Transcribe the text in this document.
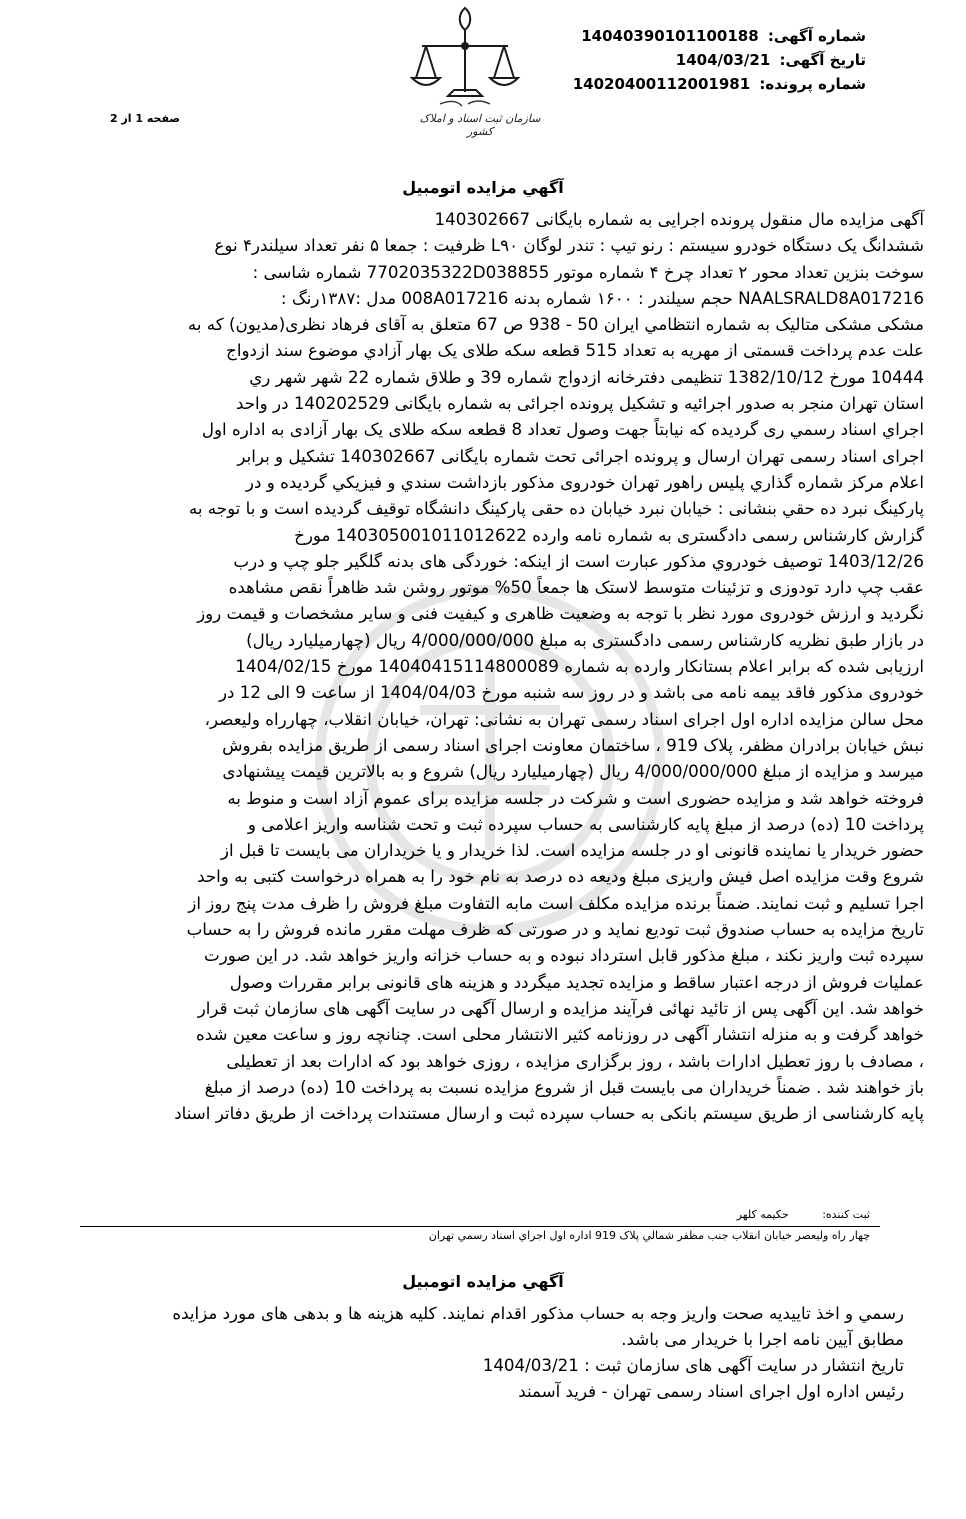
شماره آگهی: 14040390101100188
تاریخ آگهی: 1404/03/21
شماره پرونده: 14020400112001981
سازمان ثبت اسناد و املاک کشور
صفحه 1 از 2
آگهي مزايده اتومبيل
آگهی مزایده مال منقول پرونده اجرایی به شماره بایگانی 140302667
ششدانگ یک دستگاه خودرو سیستم : رنو تیپ : تندر لوگان L۹۰ ظرفیت : جمعا ۵ نفر تعداد سیلندر۴ نوع
سوخت بنزین تعداد محور ۲ تعداد چرخ ۴ شماره موتور 7702035322D038855 شماره شاسی :
NAALSRALD8A017216 حجم سیلندر : ۱۶۰۰ شماره بدنه 008A017216 مدل :۱۳۸۷رنگ :
مشکی مشکی متالیک به شماره انتظامي ایران 50 - 938 ص 67 متعلق به آقای فرهاد نظری(مدیون) که به
علت عدم پرداخت قسمتی از مهریه به تعداد 515 قطعه سکه طلای یک بهار آزادي موضوع سند ازدواج
10444 مورخ 1382/10/12 تنظیمی دفترخانه ازدواج شماره 39 و طلاق شماره 22 شهر شهر ري
استان تهران منجر به صدور اجرائیه و تشکیل پرونده اجرائی به شماره بایگانی 140202529 در واحد
اجراي اسناد رسمي ری گردیده که نیابتاً جهت وصول تعداد 8 قطعه سکه طلای یک بهار آزادی به اداره اول
اجرای اسناد رسمی تهران ارسال و پرونده اجرائی تحت شماره بایگانی 140302667 تشکیل و برابر
اعلام مرکز شماره گذاري پلیس راهور تهران خودروی مذکور بازداشت سندي و فيزيکي گردیده و در
پارکینگ نبرد ده حقي بنشانی : خیابان نبرد خیابان ده حقی پارکینگ دانشگاه توقیف گردیده است و با توجه به
گزارش کارشناس رسمی دادگستری به شماره نامه وارده 140305001011012622 مورخ
1403/12/26 توصیف خودروي مذکور عبارت است از اینکه: خوردگی های بدنه گلگیر جلو چپ و درب
عقب چپ دارد تودوزی و تزئینات متوسط لاستک ها جمعاً 50% موتور روشن شد ظاهراً نقص مشاهده
نگردید و ارزش خودروی مورد نظر با توجه به وضعیت ظاهری و کیفیت فنی و سایر مشخصات و قیمت روز
در بازار طبق نظریه کارشناس رسمی دادگستری به مبلغ 4/000/000/000 ریال (چهارمیلیارد ریال)
ارزیابی شده که برابر اعلام بستانکار وارده به شماره 14040415114800089 مورخ 1404/02/15
خودروی مذکور فاقد بیمه نامه می باشد و در روز سه شنبه مورخ 1404/04/03 از ساعت 9 الی 12 در
محل سالن مزایده اداره اول اجرای اسناد رسمی تهران به نشانی: تهران، خیابان انقلاب، چهارراه ولیعصر،
نبش خیابان برادران مظفر، پلاک 919 ، ساختمان معاونت اجرای اسناد رسمی از طریق مزایده بفروش
میرسد و مزایده از مبلغ 4/000/000/000 ریال (چهارمیلیارد ریال) شروع و به بالاترین قیمت پیشنهادی
فروخته خواهد شد و مزایده حضوری است و شرکت در جلسه مزایده برای عموم آزاد است و منوط به
پرداخت 10 (ده) درصد از مبلغ پایه کارشناسی به حساب سپرده ثبت و تحت شناسه واریز اعلامی و
حضور خریدار یا نماینده قانونی او در جلسه مزایده است. لذا خریدار و یا خریداران می بایست تا قبل از
شروع وقت مزایده اصل فیش واریزی مبلغ ودیعه ده درصد به نام خود را به همراه درخواست کتبی به واحد
اجرا تسلیم و ثبت نمایند. ضمناً برنده مزایده مکلف است مابه التفاوت مبلغ فروش را ظرف مدت پنج روز از
تاریخ مزایده به حساب صندوق ثبت تودیع نماید و در صورتی که ظرف مهلت مقرر مانده فروش را به حساب
سپرده ثبت واریز نکند ، مبلغ مذکور قابل استرداد نبوده و به حساب خزانه واریز خواهد شد. در این صورت
عملیات فروش از درجه اعتبار ساقط و مزایده تجدید میگردد و هزینه های قانونی برابر مقررات وصول
خواهد شد. این آگهی پس از تائید نهائی فرآیند مزایده و ارسال آگهی در سایت آگهی های سازمان ثبت قرار
خواهد گرفت و به منزله انتشار آگهی در روزنامه کثير الانتشار محلی است. چنانچه روز و ساعت معین شده
، مصادف با روز تعطیل ادارات باشد ، روز برگزاری مزایده ، روزی خواهد بود که ادارات بعد از تعطیلی
باز خواهند شد . ضمناً خریداران می بایست قبل از شروع مزایده نسبت به پرداخت 10 (ده) درصد از مبلغ
پایه کارشناسی از طریق سیستم بانکی به حساب سپرده ثبت و ارسال مستندات پرداخت از طریق دفاتر اسناد
ثبت کننده: حکیمه کلهر
چهار راه ولیعصر خیابان انقلاب جنب مظفر شمالي پلاک 919 اداره اول اجراي اسناد رسمي تهران
آگهي مزايده اتومبيل
رسمي و اخذ تاییدیه صحت واریز وجه به حساب مذکور اقدام نمایند. کلیه هزینه ها و بدهی های مورد مزایده
مطابق آیین نامه اجرا با خریدار می باشد.
تاریخ انتشار در سایت آگهی های سازمان ثبت : 1404/03/21
رئیس اداره اول اجرای اسناد رسمی تهران - فرید آسمند
